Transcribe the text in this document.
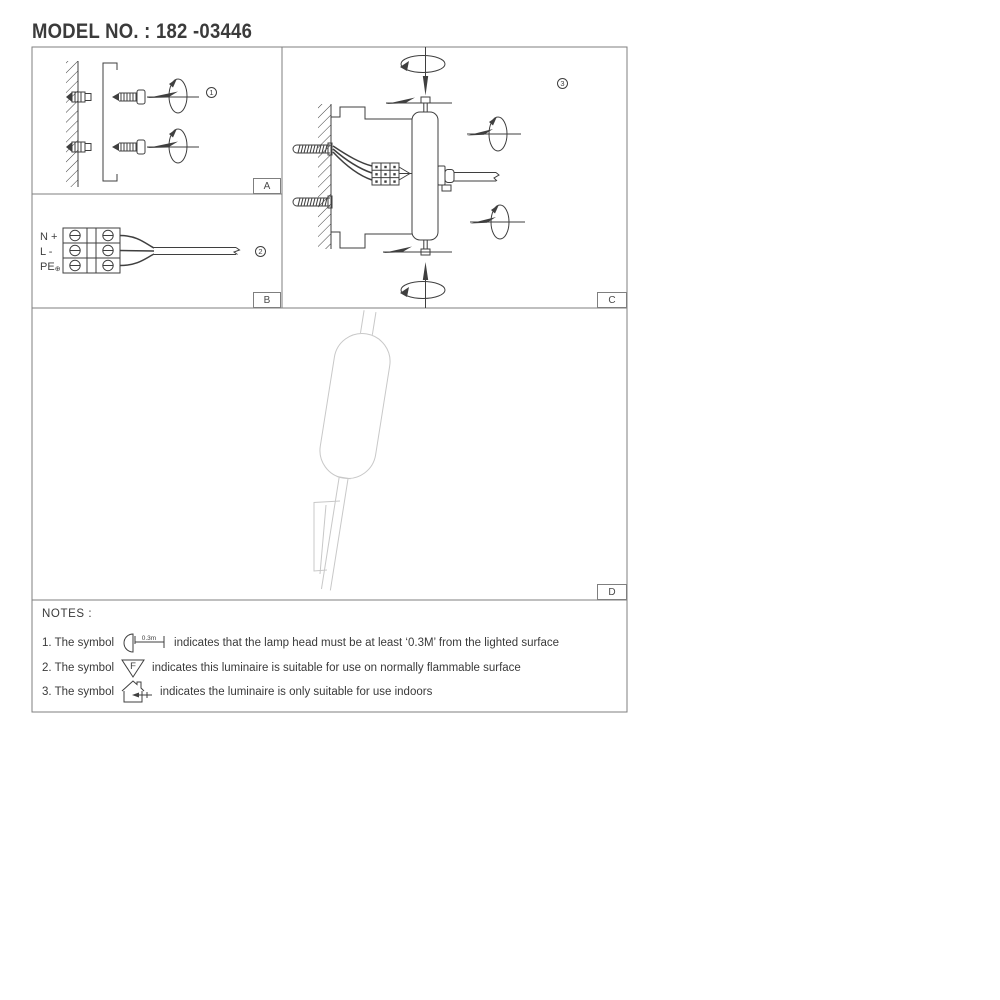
MODEL NO. : 182 -03446
A
B	C
D
1
2
3
N +
L -
PE⊕
NOTES :
1. The symbol	0.3m indicates that the lamp head must be at least ‘0.3M’ from the lighted surface
2. The symbol F indicates this luminaire is suitable for use on normally flammable surface
3. The symbol	indicates the luminaire is only suitable for use indoors
